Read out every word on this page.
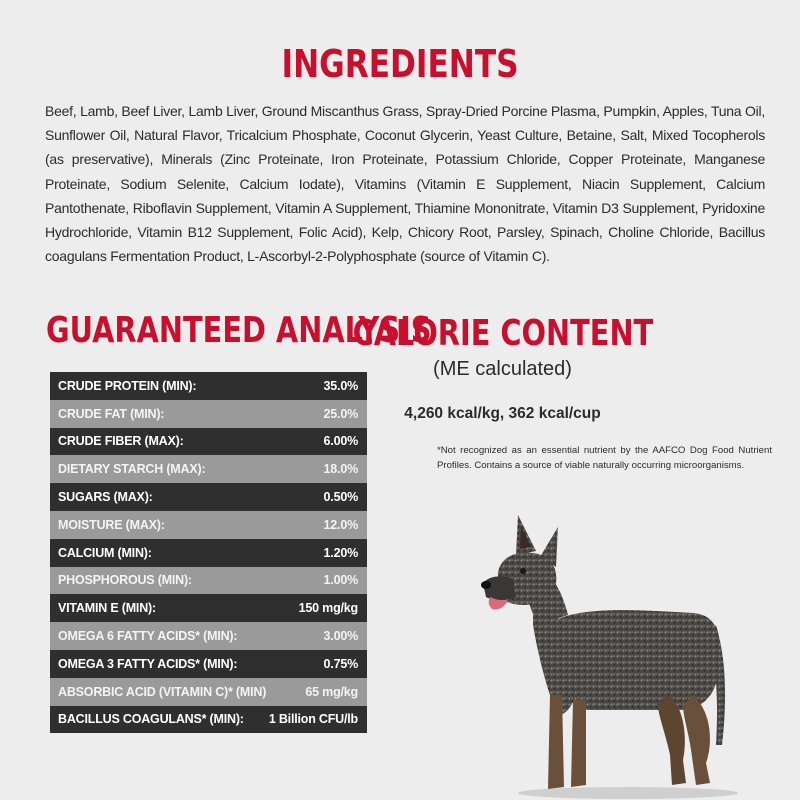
INGREDIENTS
Beef, Lamb, Beef Liver, Lamb Liver, Ground Miscanthus Grass, Spray-Dried Porcine Plasma, Pumpkin, Apples, Tuna Oil, Sunflower Oil, Natural Flavor, Tricalcium Phosphate, Coconut Glycerin, Yeast Culture, Betaine, Salt, Mixed Tocopherols (as preservative), Minerals (Zinc Proteinate, Iron Proteinate, Potassium Chloride, Copper Proteinate, Manganese Proteinate, Sodium Selenite, Calcium Iodate), Vitamins (Vitamin E Supplement, Niacin Supplement, Calcium Pantothenate, Riboflavin Supplement, Vitamin A Supplement, Thiamine Mononitrate, Vitamin D3 Supplement, Pyridoxine Hydrochloride, Vitamin B12 Supplement, Folic Acid), Kelp, Chicory Root, Parsley, Spinach, Choline Chloride, Bacillus coagulans Fermentation Product, L-Ascorbyl-2-Polyphosphate (source of Vitamin C).
GUARANTEED ANALYSIS
CRUDE PROTEIN (MIN):	35.0%
CRUDE FAT (MIN):	25.0%
CRUDE FIBER (MAX):	6.00%
DIETARY STARCH (MAX):	18.0%
SUGARS (MAX):	0.50%
MOISTURE (MAX):	12.0%
CALCIUM (MIN):	1.20%
PHOSPHOROUS (MIN):	1.00%
VITAMIN E (MIN):	150 mg/kg
OMEGA 6 FATTY ACIDS* (MIN):	3.00%
OMEGA 3 FATTY ACIDS* (MIN):	0.75%
ABSORBIC ACID (VITAMIN C)* (MIN)	65 mg/kg
BACILLUS COAGULANS* (MIN): 1 Billion CFU/lb
CALORIE CONTENT
(ME calculated)
4,260 kcal/kg, 362 kcal/cup
*Not recognized as an essential nutrient by the AAFCO Dog Food Nutrient Profiles. Contains a source of viable naturally occurring microorganisms.
